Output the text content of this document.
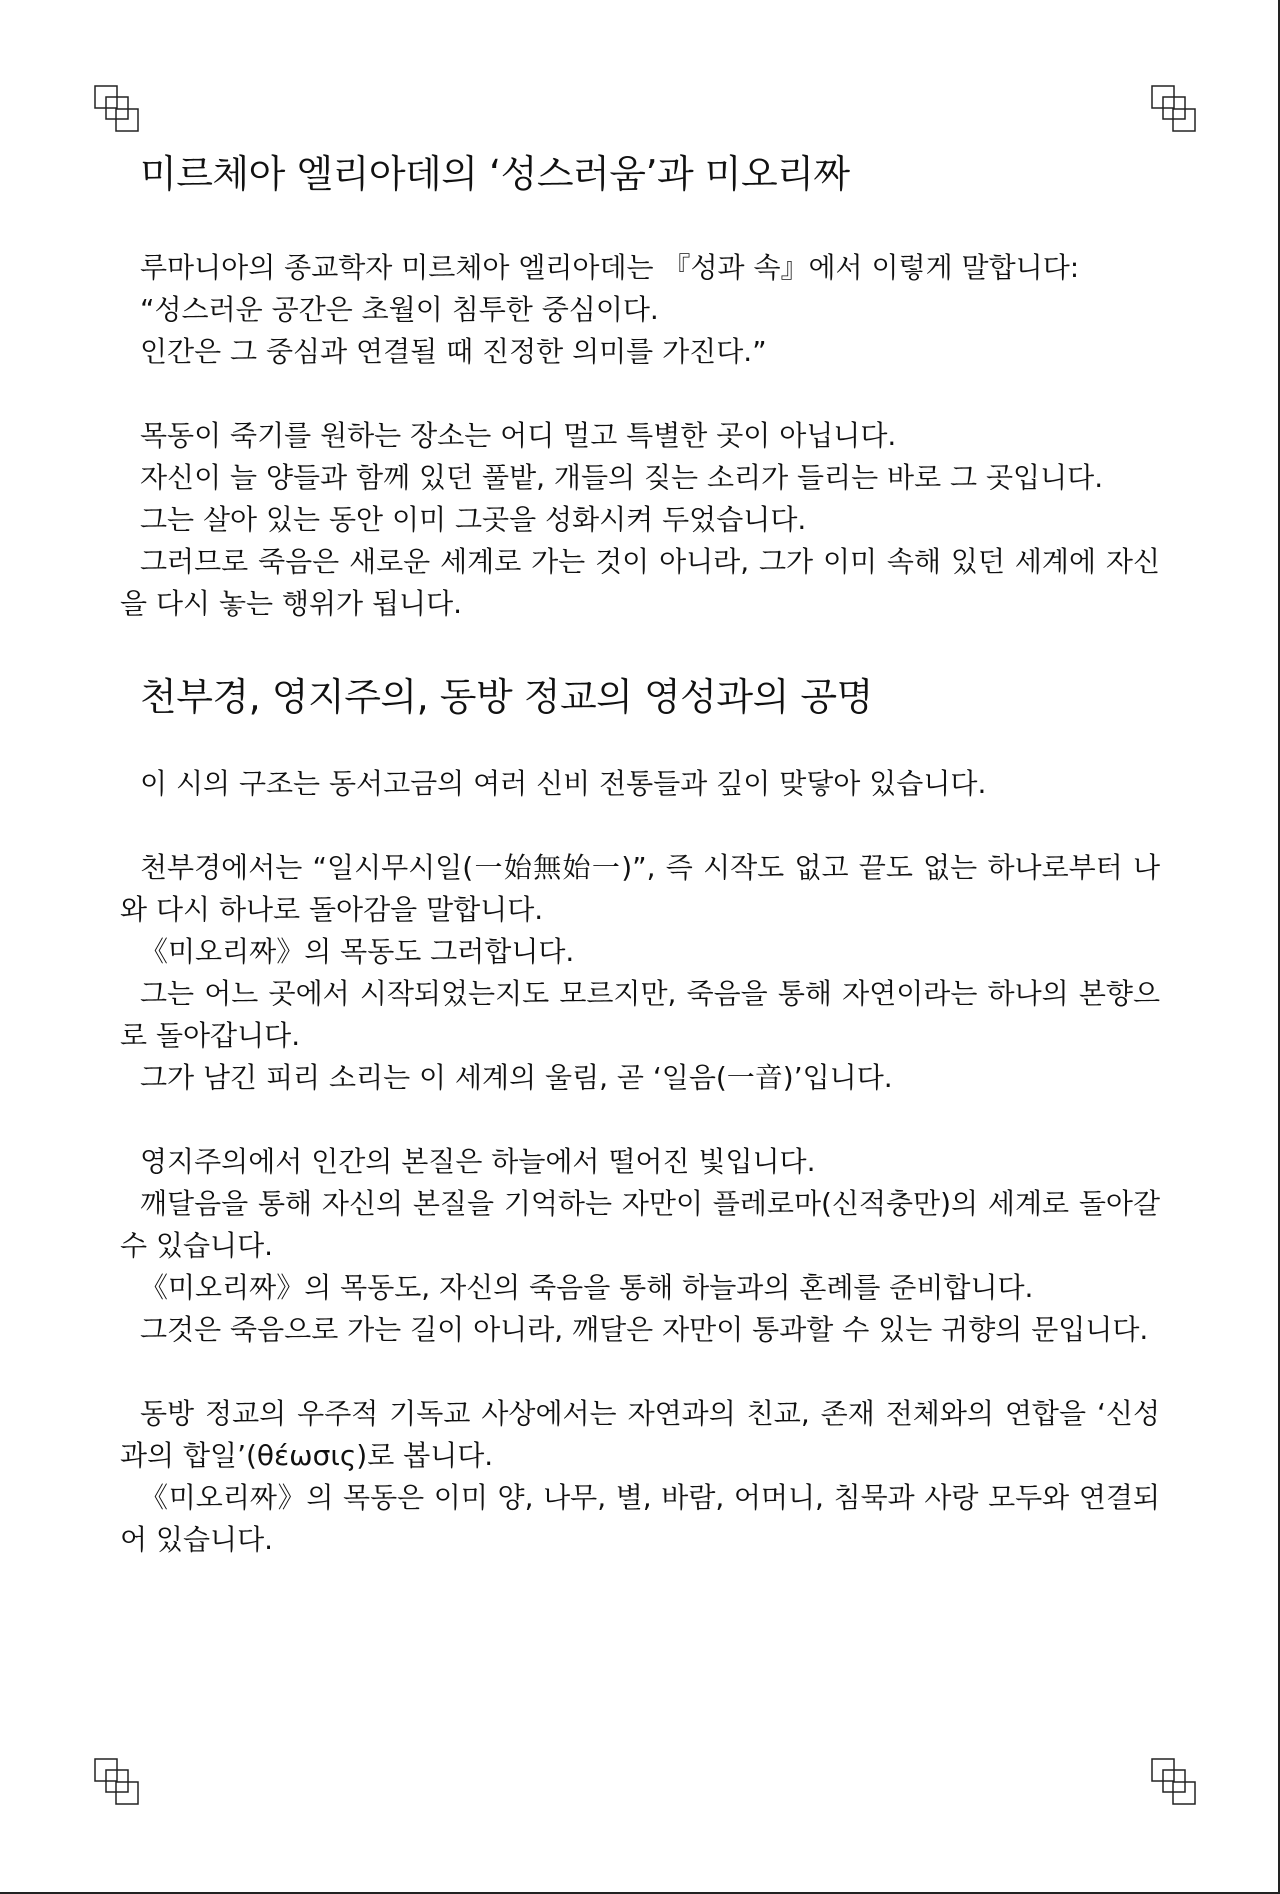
미르체아 엘리아데의 ‘성스러움’과 미오리짜

루마니아의 종교학자 미르체아 엘리아데는 『성과 속』에서 이렇게 말합니다:

“성스러운 공간은 초월이 침투한 중심이다.

인간은 그 중심과 연결될 때 진정한 의미를 가진다.”

목동이 죽기를 원하는 장소는 어디 멀고 특별한 곳이 아닙니다.

자신이 늘 양들과 함께 있던 풀밭, 개들의 짖는 소리가 들리는 바로 그 곳입니다.

그는 살아 있는 동안 이미 그곳을 성화시켜 두었습니다.

그러므로 죽음은 새로운 세계로 가는 것이 아니라, 그가 이미 속해 있던 세계에 자신을 다시 놓는 행위가 됩니다.

천부경, 영지주의, 동방 정교의 영성과의 공명

이 시의 구조는 동서고금의 여러 신비 전통들과 깊이 맞닿아 있습니다.

천부경에서는 “일시무시일(一始無始一)”, 즉 시작도 없고 끝도 없는 하나로부터 나와 다시 하나로 돌아감을 말합니다.

《미오리짜》의 목동도 그러합니다.

그는 어느 곳에서 시작되었는지도 모르지만, 죽음을 통해 자연이라는 하나의 본향으로 돌아갑니다.

그가 남긴 피리 소리는 이 세계의 울림, 곧 ‘일음(一音)’입니다.

영지주의에서 인간의 본질은 하늘에서 떨어진 빛입니다.

깨달음을 통해 자신의 본질을 기억하는 자만이 플레로마(신적충만)의 세계로 돌아갈 수 있습니다.

《미오리짜》의 목동도, 자신의 죽음을 통해 하늘과의 혼례를 준비합니다.

그것은 죽음으로 가는 길이 아니라, 깨달은 자만이 통과할 수 있는 귀향의 문입니다.

동방 정교의 우주적 기독교 사상에서는 자연과의 친교, 존재 전체와의 연합을 ‘신성과의 합일’(θέωσις)로 봅니다.

《미오리짜》의 목동은 이미 양, 나무, 별, 바람, 어머니, 침묵과 사랑 모두와 연결되어 있습니다.
